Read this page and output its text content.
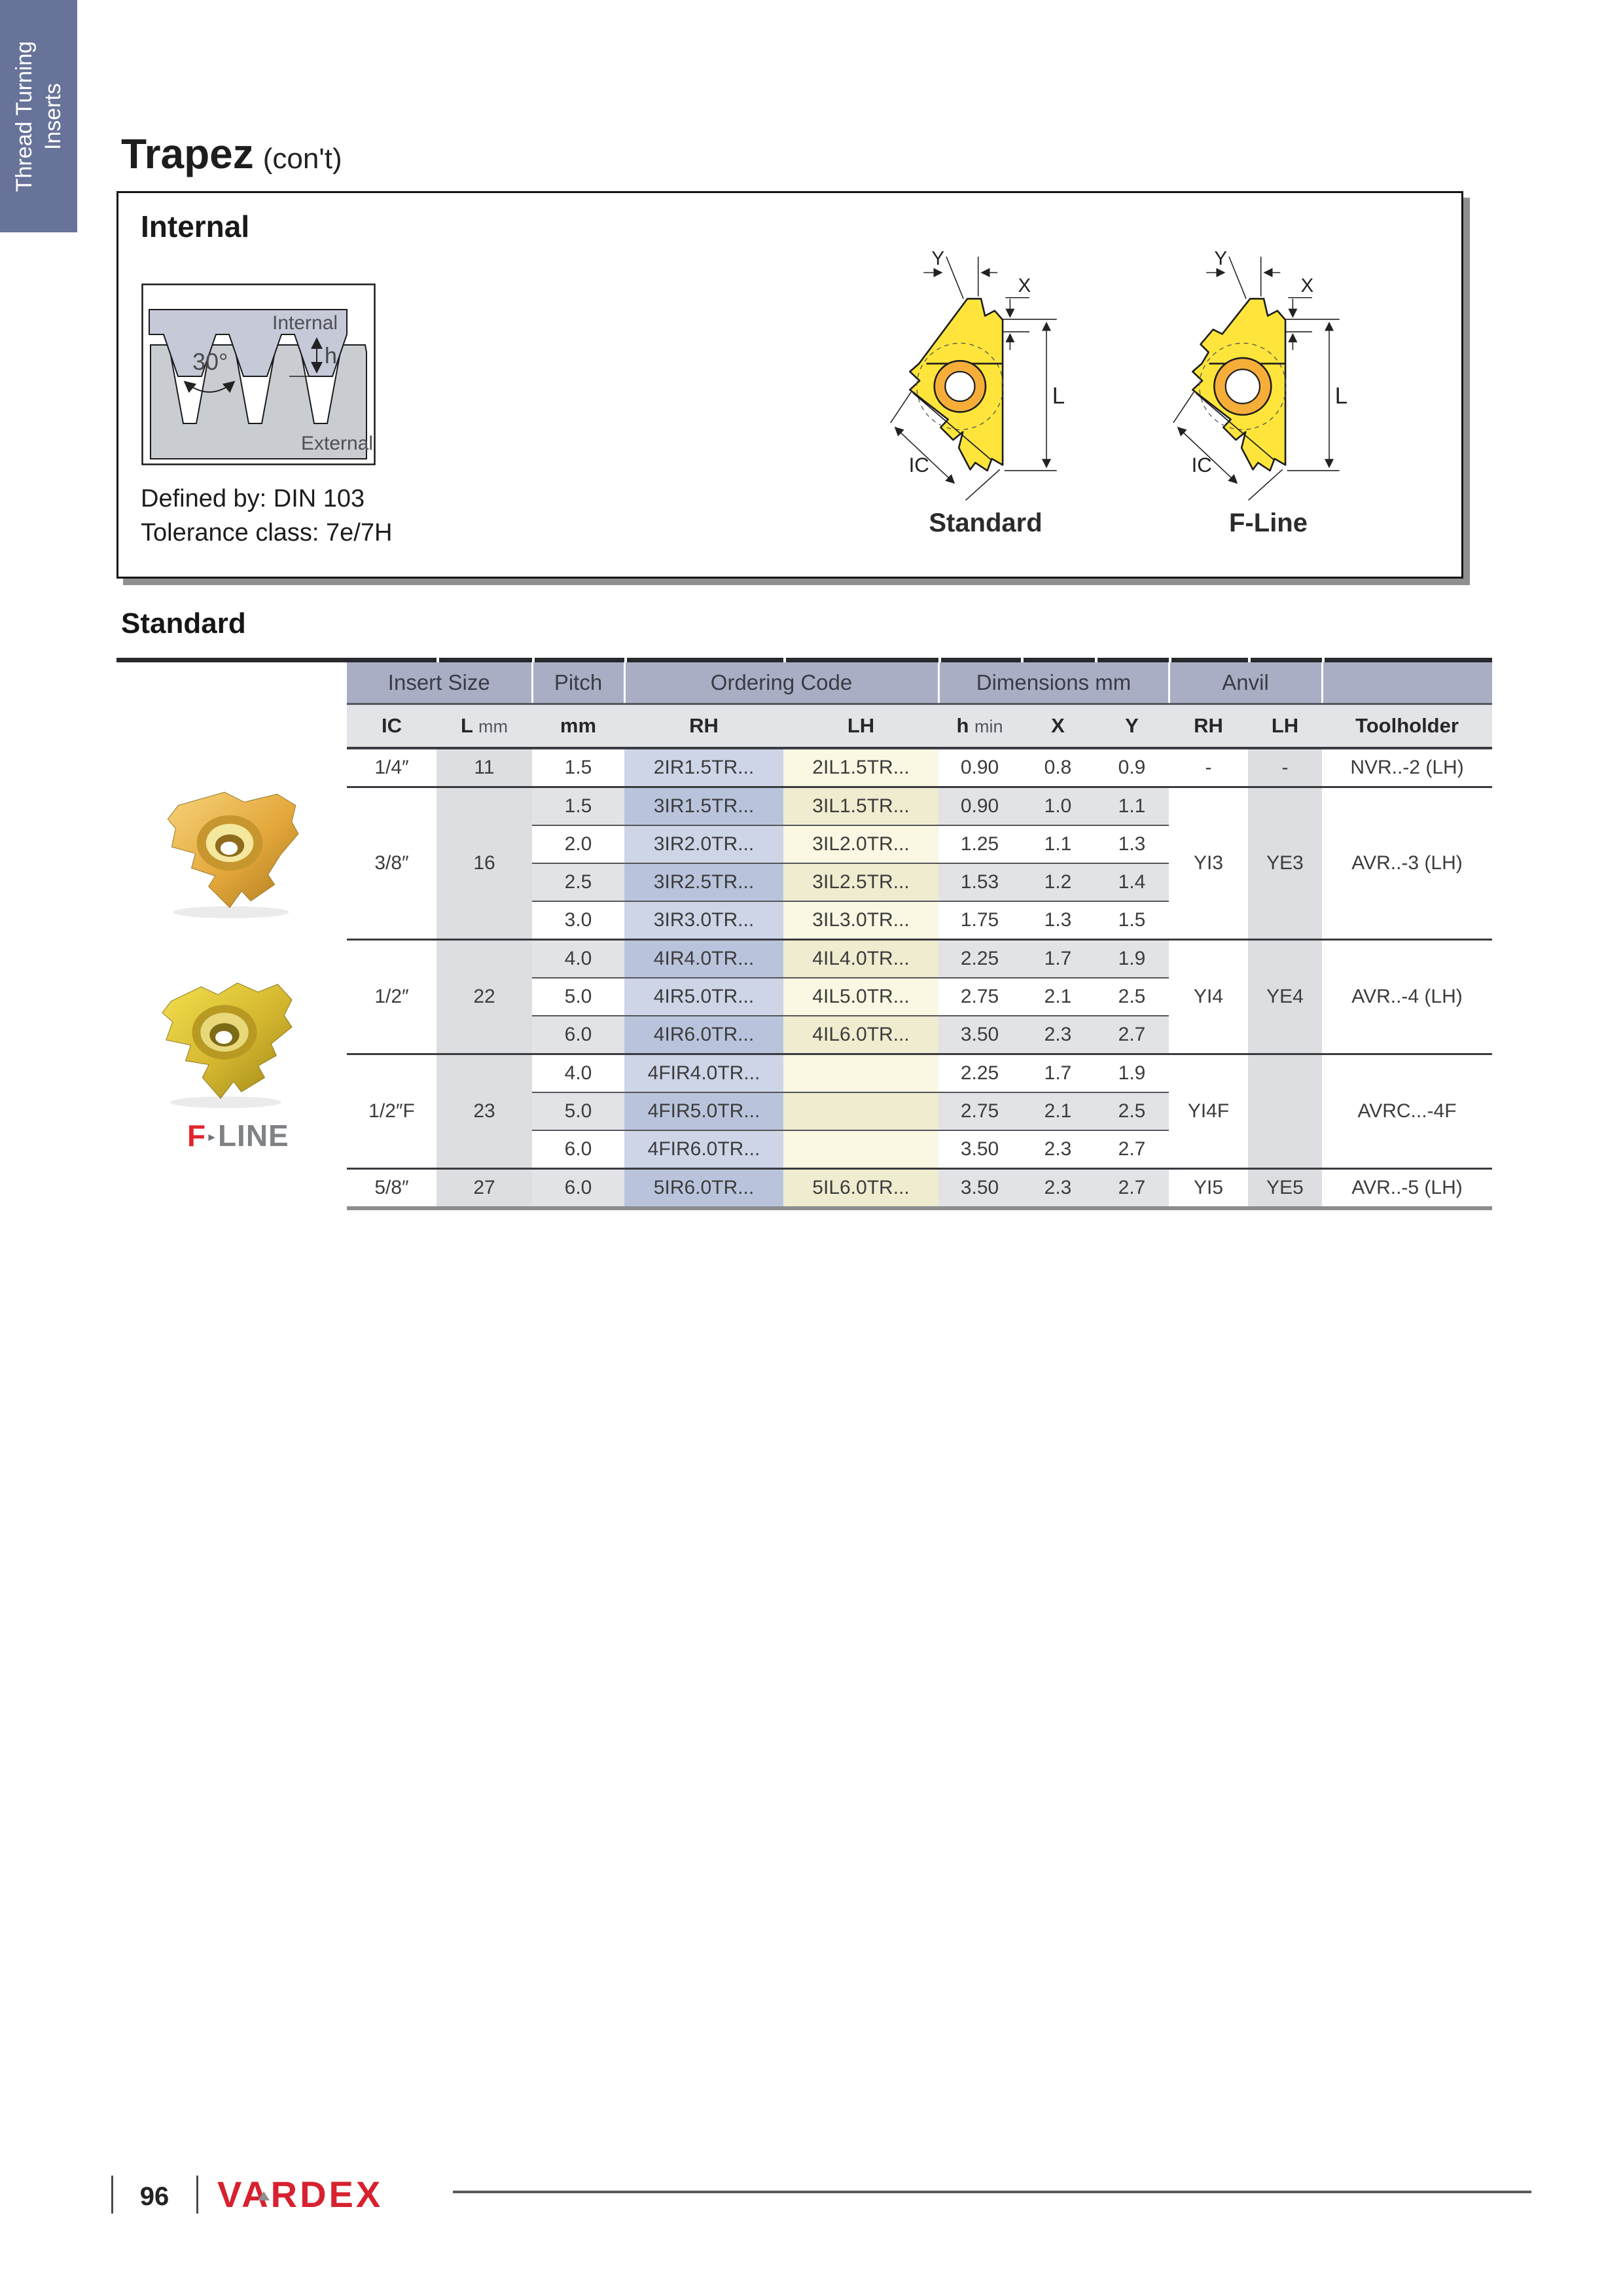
Thread Turning Inserts
Trapez (con't)
Internal
30°
Internal
h
External
Defined by: DIN 103
Tolerance class: 7e/7H
Y
X
L
IC
Y
X
L
IC
Standard	F-Line
Standard
Insert Size		Pitch	Ordering Code		Dimensions mm			Anvil		
IC	L mm	mm	RH	LH	h min	X	Y	RH	LH	Toolholder
1/4″	11	1.5	2IR1.5TR...	2IL1.5TR...	0.90	0.8	0.9	-	-	NVR..-2 (LH)
3/8″	16	1.5	3IR1.5TR...	3IL1.5TR...	0.90	1.0	1.1	YI3	YE3	AVR..-3 (LH)
		2.0	3IR2.0TR...	3IL2.0TR...	1.25	1.1	1.3			
		2.5	3IR2.5TR...	3IL2.5TR...	1.53	1.2	1.4			
		3.0	3IR3.0TR...	3IL3.0TR...	1.75	1.3	1.5			
1/2″	22	4.0	4IR4.0TR...	4IL4.0TR...	2.25	1.7	1.9	YI4	YE4	AVR..-4 (LH)
		5.0	4IR5.0TR...	4IL5.0TR...	2.75	2.1	2.5			
		6.0	4IR6.0TR...	4IL6.0TR...	3.50	2.3	2.7			
1/2″F	23	4.0	4FIR4.0TR...		2.25	1.7	1.9	YI4F		AVRC...-4F
		5.0	4FIR5.0TR...		2.75	2.1	2.5			
		6.0	4FIR6.0TR...		3.50	2.3	2.7			
5/8″	27	6.0	5IR6.0TR...	5IL6.0TR...	3.50	2.3	2.7	YI5	YE5	AVR..-5 (LH)
F ► LINE
96	VARDEX
